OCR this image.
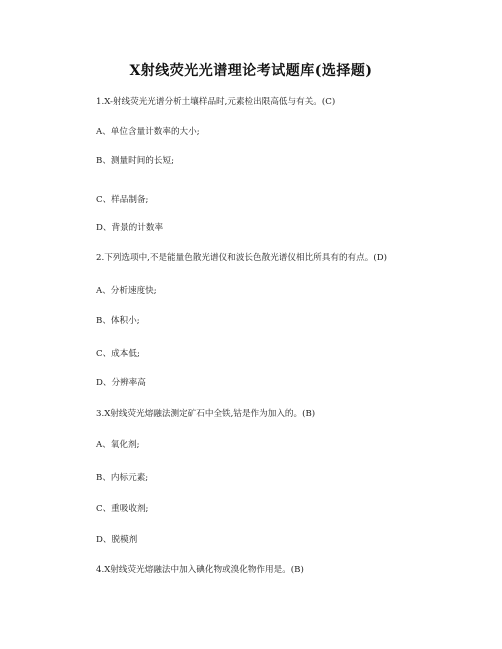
X射线荧光光谱理论考试题库(选择题)
1.X-射线荧光光谱分析土壤样品时,元素检出限高低与有关。(C)
A、单位含量计数率的大小;
B、测量时间的长短;
C、样品制备;
D、背景的计数率
2.下列选项中,不是能量色散光谱仪和波长色散光谱仪相比所具有的有点。(D)
A、分析速度快;
B、体积小;
C、成本低;
D、分辨率高
3.X射线荧光熔融法测定矿石中全铁,钴是作为加入的。(B)
A、氧化剂;
B、内标元素;
C、重吸收剂;
D、脱模剂
4.X射线荧光熔融法中加入碘化物或溴化物作用是。(B)
